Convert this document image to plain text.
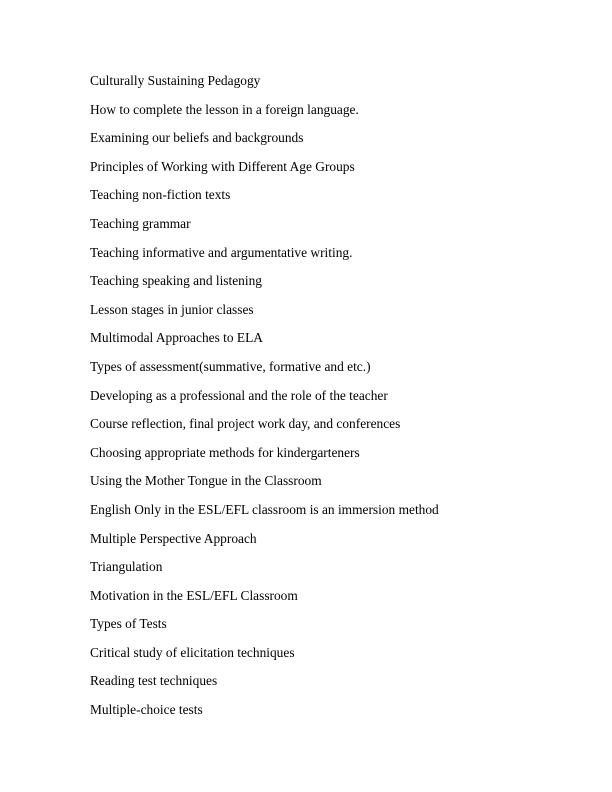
Culturally Sustaining Pedagogy
How to complete the lesson in a foreign language.
Examining our beliefs and backgrounds
Principles of Working with Different Age Groups
Teaching non-fiction texts
Teaching grammar
Teaching informative and argumentative writing.
Teaching speaking and listening
Lesson stages in junior classes
Multimodal Approaches to ELA
Types of assessment(summative, formative and etc.)
Developing as a professional and the role of the teacher
Course reflection, final project work day, and conferences
Choosing appropriate methods for kindergarteners
Using the Mother Tongue in the Classroom
English Only in the ESL/EFL classroom is an immersion method
Multiple Perspective Approach
Triangulation
Motivation in the ESL/EFL Classroom
Types of Tests
Critical study of elicitation techniques
Reading test techniques
Multiple-choice tests
